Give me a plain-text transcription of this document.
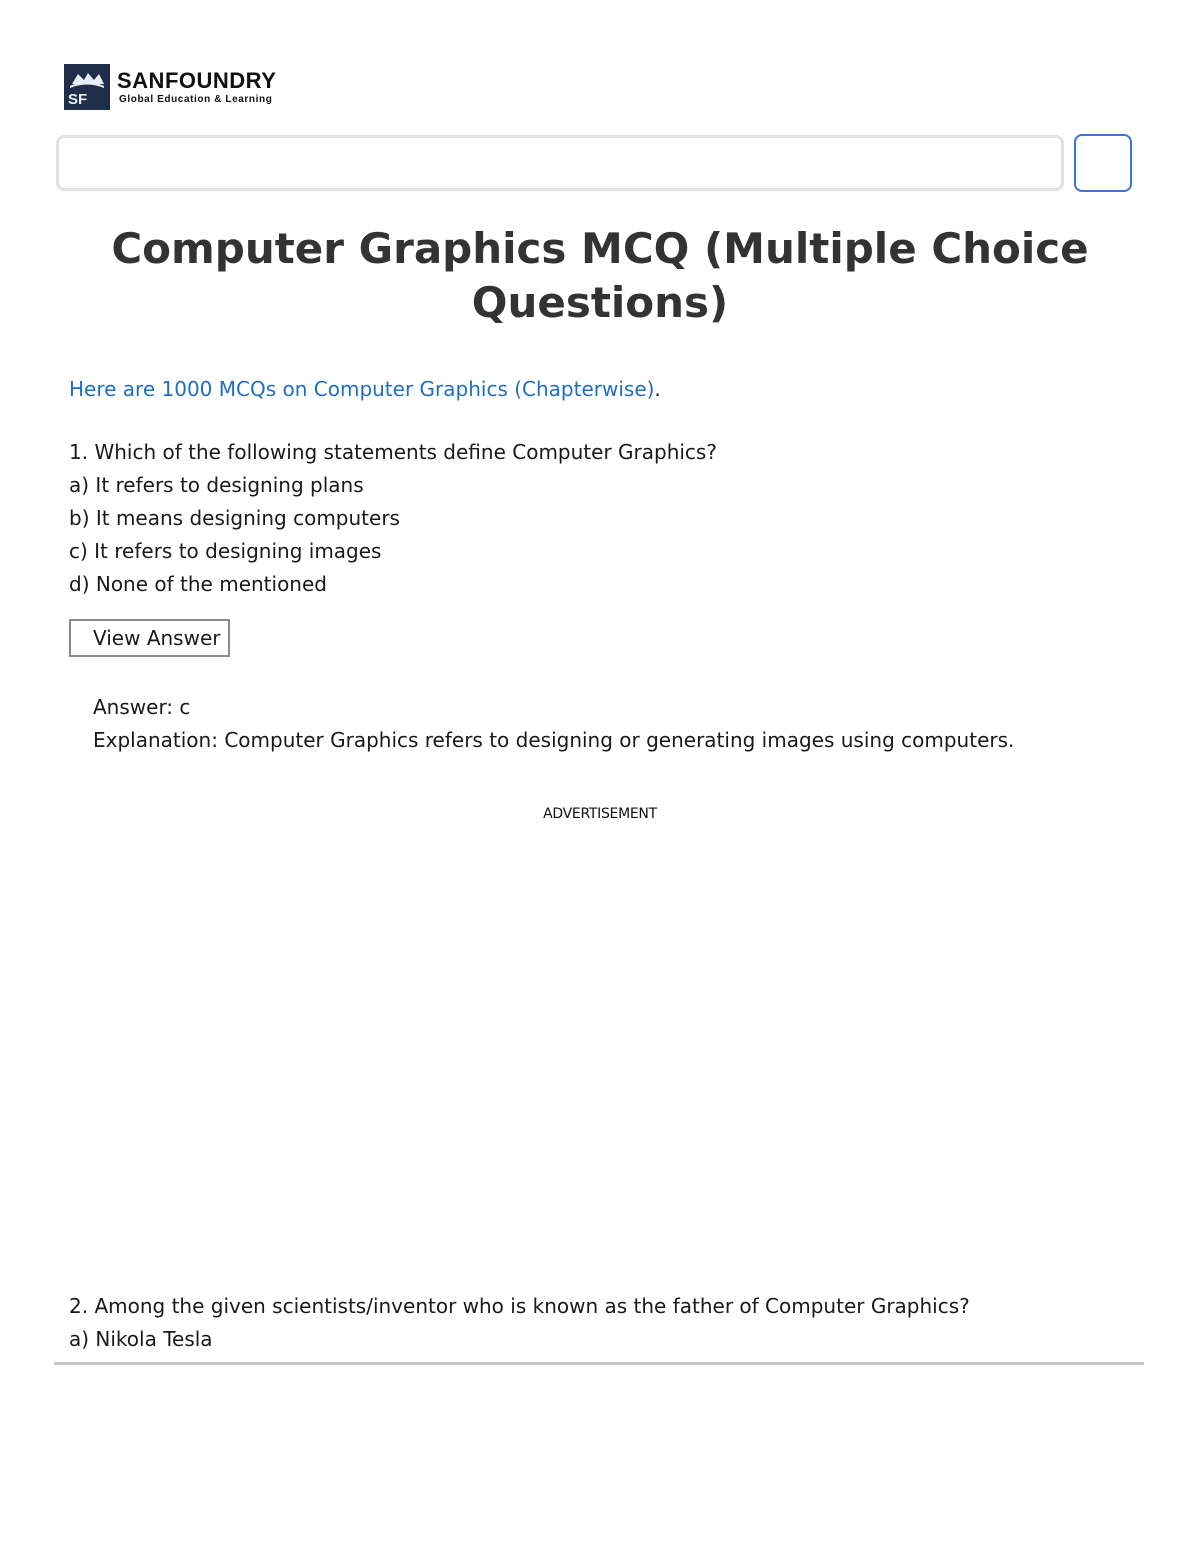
SF
SANFOUNDRY
Global Education & Learning
Computer Graphics MCQ (Multiple Choice Questions)

Here are 1000 MCQs on Computer Graphics (Chapterwise).

1. Which of the following statements define Computer Graphics?

a) It refers to designing plans

b) It means designing computers

c) It refers to designing images

d) None of the mentioned

View Answer

Answer: c

Explanation: Computer Graphics refers to designing or generating images using computers.

ADVERTISEMENT

2. Among the given scientists/inventor who is known as the father of Computer Graphics?

a) Nikola Tesla
